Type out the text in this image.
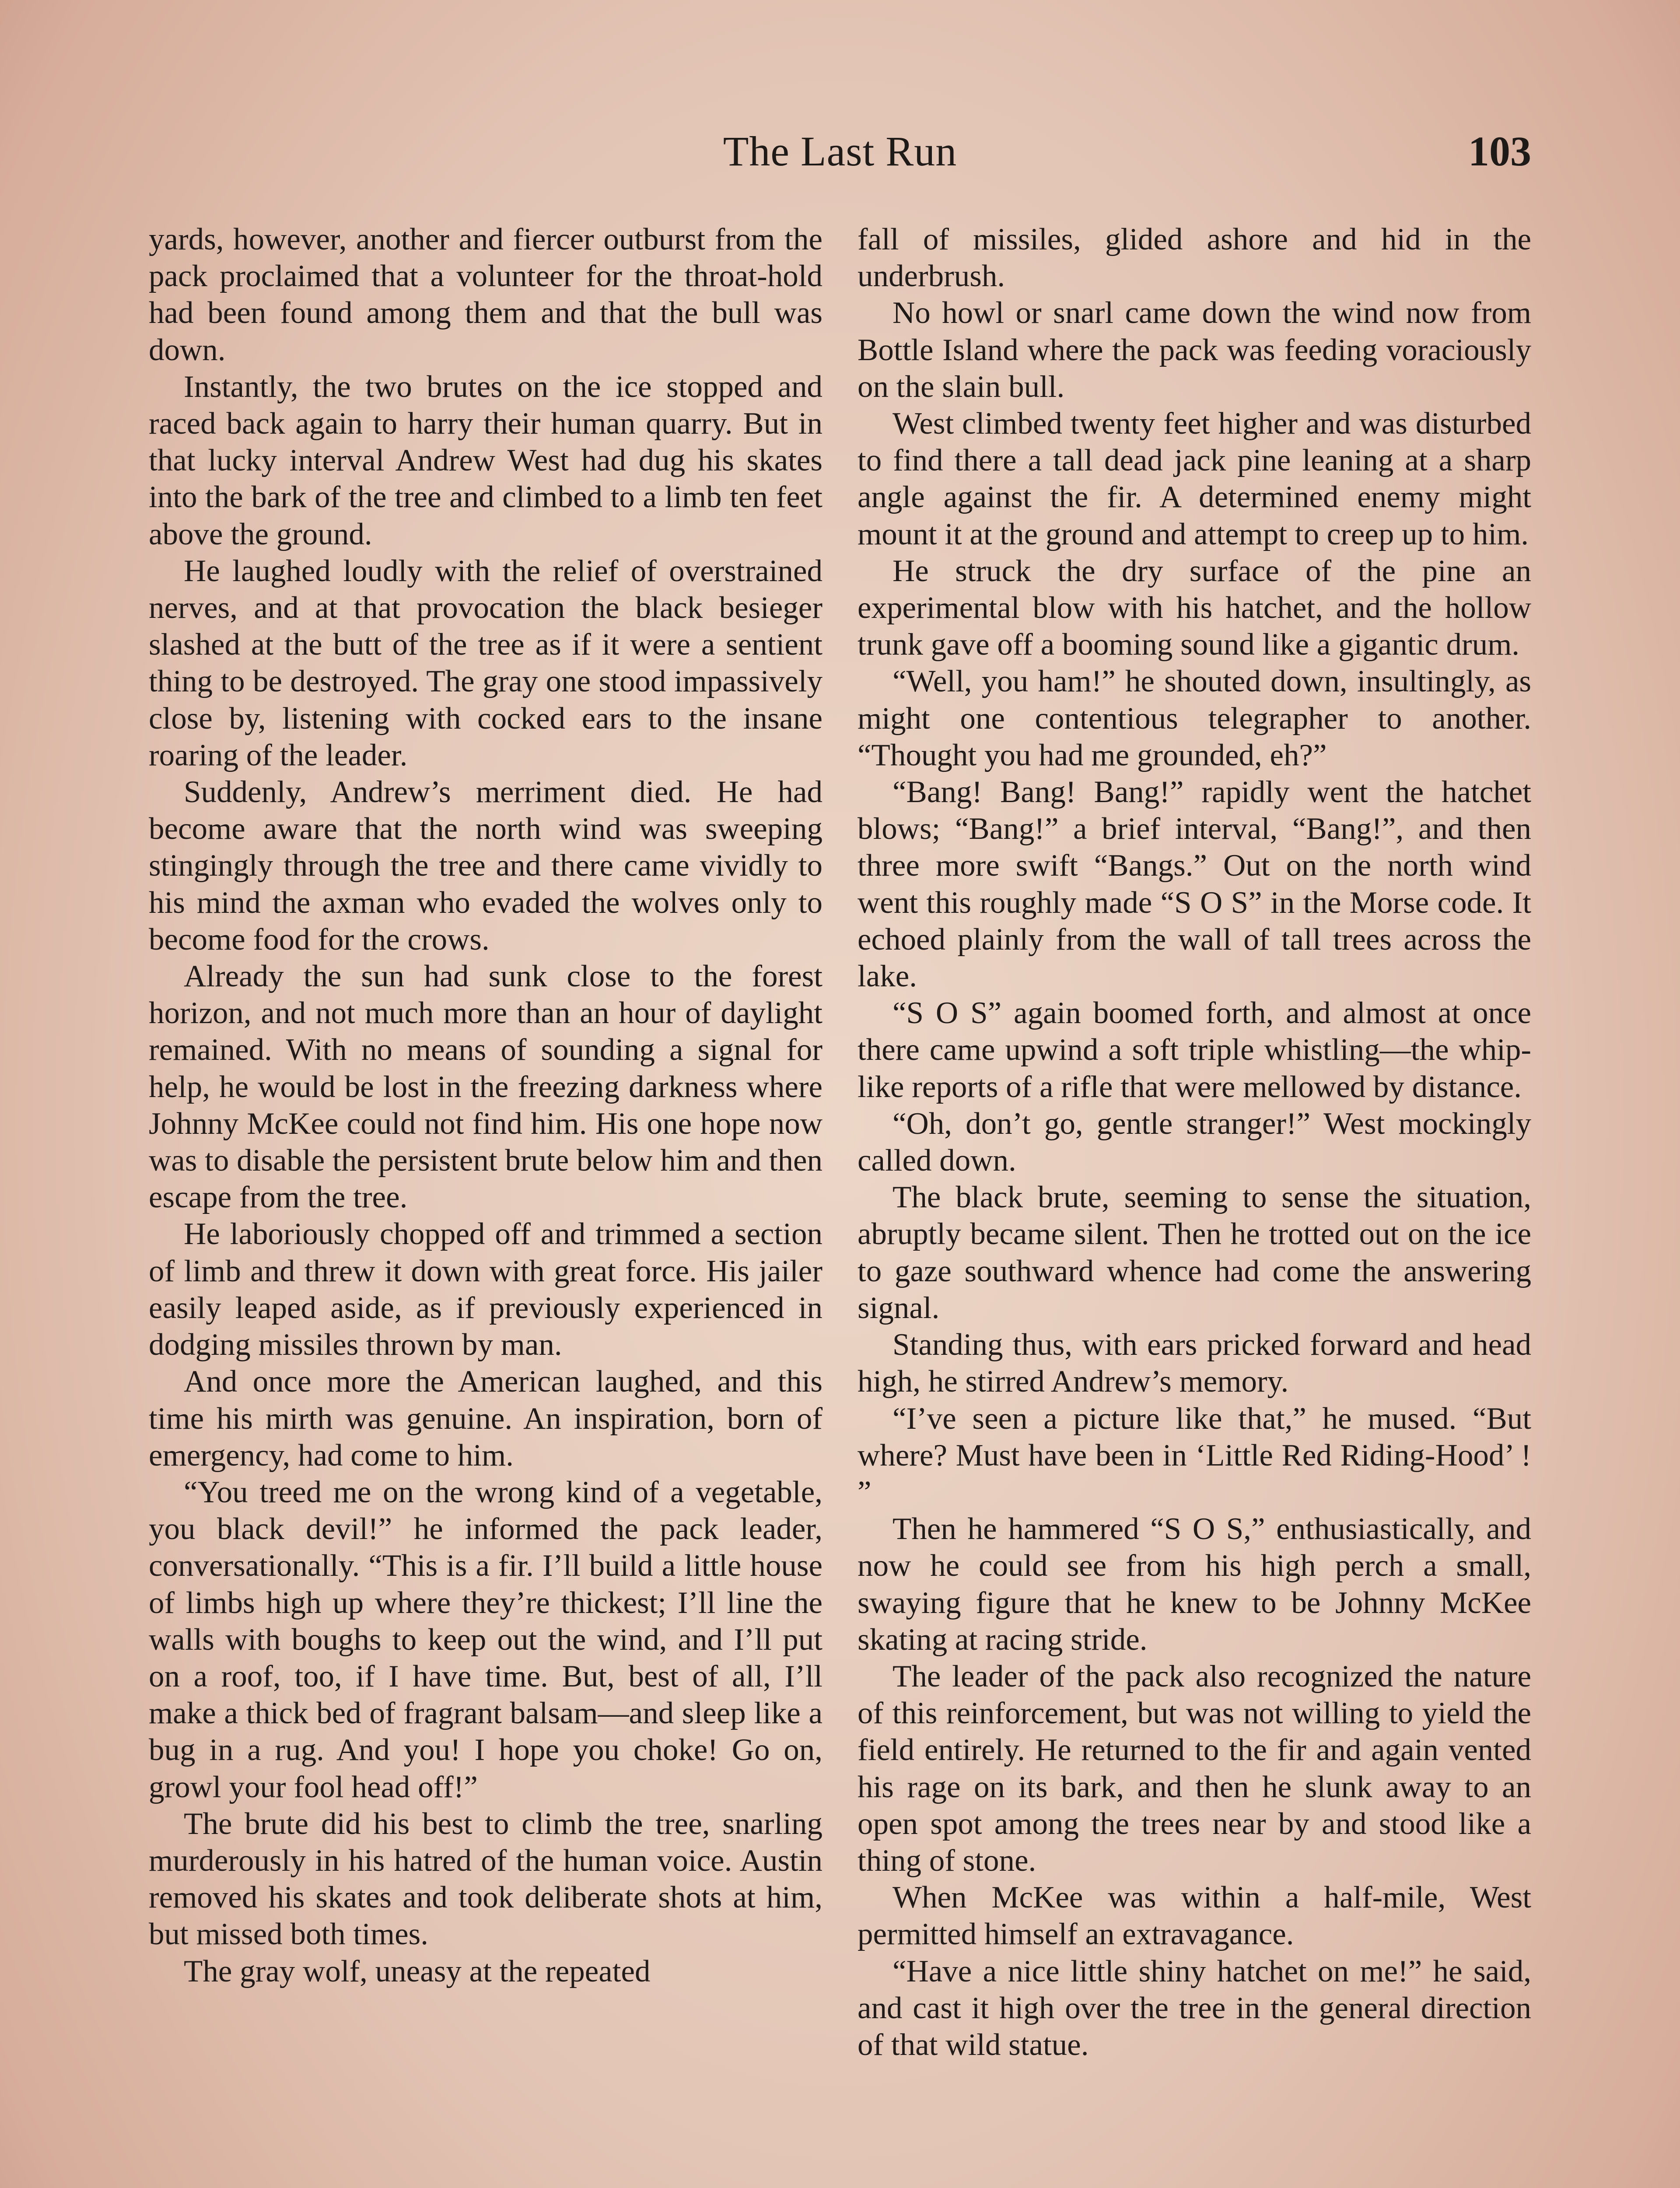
The Last Run	103

yards, however, another and fiercer outburst from the pack proclaimed that a volunteer for the throat-hold had been found among them and that the bull was down.

Instantly, the two brutes on the ice stopped and raced back again to harry their human quarry. But in that lucky interval Andrew West had dug his skates into the bark of the tree and climbed to a limb ten feet above the ground.

He laughed loudly with the relief of overstrained nerves, and at that provocation the black besieger slashed at the butt of the tree as if it were a sentient thing to be destroyed. The gray one stood impassively close by, listening with cocked ears to the insane roaring of the leader.

Suddenly, Andrew’s merriment died. He had become aware that the north wind was sweeping stingingly through the tree and there came vividly to his mind the axman who evaded the wolves only to become food for the crows.

Already the sun had sunk close to the forest horizon, and not much more than an hour of daylight remained. With no means of sounding a signal for help, he would be lost in the freezing darkness where Johnny McKee could not find him. His one hope now was to disable the persistent brute below him and then escape from the tree.

He laboriously chopped off and trimmed a section of limb and threw it down with great force. His jailer easily leaped aside, as if previously experienced in dodging missiles thrown by man.

And once more the American laughed, and this time his mirth was genuine. An inspiration, born of emergency, had come to him.

“You treed me on the wrong kind of a vegetable, you black devil!” he informed the pack leader, conversationally. “This is a fir. I’ll build a little house of limbs high up where they’re thickest; I’ll line the walls with boughs to keep out the wind, and I’ll put on a roof, too, if I have time. But, best of all, I’ll make a thick bed of fragrant balsam—and sleep like a bug in a rug. And you! I hope you choke! Go on, growl your fool head off!”

The brute did his best to climb the tree, snarling murderously in his hatred of the human voice. Austin removed his skates and took deliberate shots at him, but missed both times.

The gray wolf, uneasy at the repeated

fall of missiles, glided ashore and hid in the underbrush.

No howl or snarl came down the wind now from Bottle Island where the pack was feeding voraciously on the slain bull.

West climbed twenty feet higher and was disturbed to find there a tall dead jack pine leaning at a sharp angle against the fir. A determined enemy might mount it at the ground and attempt to creep up to him.

He struck the dry surface of the pine an experimental blow with his hatchet, and the hollow trunk gave off a booming sound like a gigantic drum.

“Well, you ham!” he shouted down, insultingly, as might one contentious telegrapher to another. “Thought you had me grounded, eh?”

“Bang! Bang! Bang!” rapidly went the hatchet blows; “Bang!” a brief interval, “Bang!”, and then three more swift “Bangs.” Out on the north wind went this roughly made “S O S” in the Morse code. It echoed plainly from the wall of tall trees across the lake.

“S O S” again boomed forth, and almost at once there came upwind a soft triple whistling—the whip-like reports of a rifle that were mellowed by distance.

“Oh, don’t go, gentle stranger!” West mockingly called down.

The black brute, seeming to sense the situation, abruptly became silent. Then he trotted out on the ice to gaze southward whence had come the answering signal.

Standing thus, with ears pricked forward and head high, he stirred Andrew’s memory.

“I’ve seen a picture like that,” he mused. “But where? Must have been in ‘Little Red Riding-Hood’ ! ”

Then he hammered “S O S,” enthusiastically, and now he could see from his high perch a small, swaying figure that he knew to be Johnny McKee skating at racing stride.

The leader of the pack also recognized the nature of this reinforcement, but was not willing to yield the field entirely. He returned to the fir and again vented his rage on its bark, and then he slunk away to an open spot among the trees near by and stood like a thing of stone.

When McKee was within a half-mile, West permitted himself an extravagance.

“Have a nice little shiny hatchet on me!” he said, and cast it high over the tree in the general direction of that wild statue.
